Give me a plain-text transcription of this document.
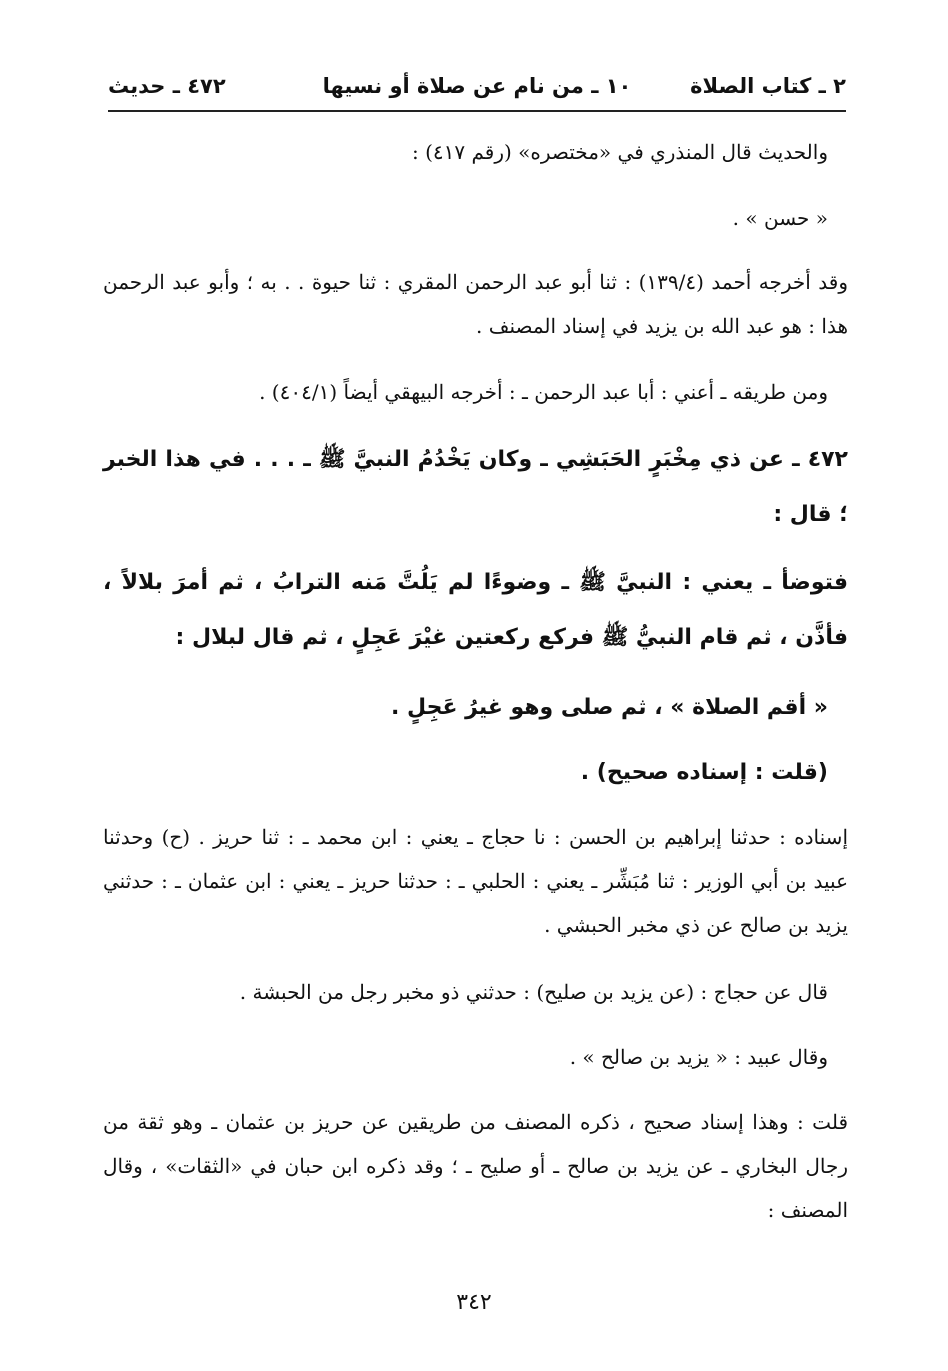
٢ ـ كتاب الصلاة
١٠ ـ من نام عن صلاة أو نسيها
٤٧٢ ـ حديث
والحديث قال المنذري في «مختصره» (رقم ٤١٧) :
« حسن » .
وقد أخرجه أحمد (١٣٩/٤) : ثنا أبو عبد الرحمن المقري : ثنا حيوة . . به ؛ وأبو عبد الرحمن هذا : هو عبد الله بن يزيد في إسناد المصنف .
ومن طريقه ـ أعني : أبا عبد الرحمن ـ : أخرجه البيهقي أيضاً (٤٠٤/١) .
٤٧٢ ـ عن ذي مِخْبَرٍ الحَبَشِي ـ وكان يَخْدُمُ النبيَّ ﷺ ـ . . . في هذا الخبر ؛ قال :
فتوضأ ـ يعني : النبيَّ ﷺ ـ وضوءًا لم يَلُتَّ مَنه الترابُ ، ثم أمرَ بلالاً ، فأذَّن ، ثم قام النبيُّ ﷺ فركع ركعتين غيْرَ عَجِلٍ ، ثم قال لبلال :
« أقم الصلاة » ، ثم صلى وهو غيرُ عَجِلٍ .
(قلت : إسناده صحيح) .
إسناده : حدثنا إبراهيم بن الحسن : نا حجاج ـ يعني : ابن محمد ـ : ثنا حريز . (ح) وحدثنا عبيد بن أبي الوزير : ثنا مُبَشِّر ـ يعني : الحلبي ـ : حدثنا حريز ـ يعني : ابن عثمان ـ : حدثني يزيد بن صالح عن ذي مخبر الحبشي .
قال عن حجاج : (عن يزيد بن صليح) : حدثني ذو مخبر رجل من الحبشة .
وقال عبيد : « يزيد بن صالح » .
قلت : وهذا إسناد صحيح ، ذكره المصنف من طريقين عن حريز بن عثمان ـ وهو ثقة من رجال البخاري ـ عن يزيد بن صالح ـ أو صليح ـ ؛ وقد ذكره ابن حبان في «الثقات» ، وقال المصنف :
٣٤٢
